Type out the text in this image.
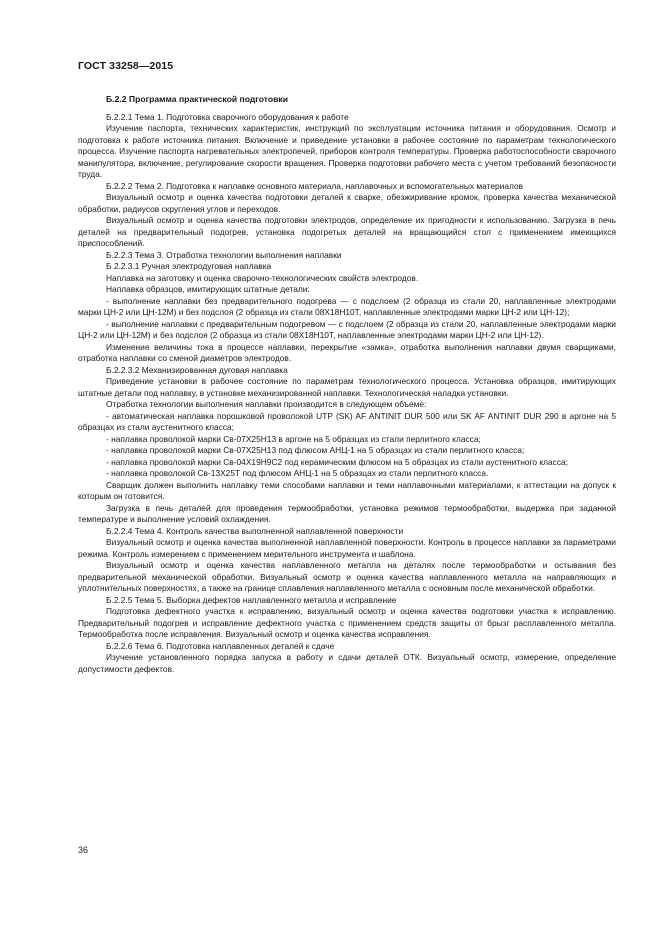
ГОСТ 33258—2015

Б.2.2 Программа практической подготовки

Б.2.2.1 Тема 1. Подготовка сварочного оборудования к работе

Изучение паспорта, технических характеристик, инструкций по эксплуатации источника питания и оборудования. Осмотр и подготовка к работе источника питания. Включение и приведение установки в рабочее состояние по параметрам технологического процесса. Изучение паспорта нагревательных электропечей, приборов контроля температуры. Проверка работоспособности сварочного манипулятора, включение, регулирование скорости вращения. Проверка подготовки рабочего места с учетом требований безопасности труда.

Б.2.2.2 Тема 2. Подготовка к наплавке основного материала, наплавочных и вспомогательных материалов

Визуальный осмотр и оценка качества подготовки деталей к сварке, обезжиривание кромок, проверка качества механической обработки, радиусов скругления углов и переходов.

Визуальный осмотр и оценка качества подготовки электродов, определение их пригодности к использованию. Загрузка в печь деталей на предварительный подогрев, установка подогретых деталей на вращающийся стол с применением имеющихся приспособлений.

Б.2.2.3 Тема 3. Отработка технологии выполнения наплавки

Б 2.2.3.1 Ручная электродуговая наплавка

Наплавка на заготовку и оценка сварочно-технологических свойств электродов.

Наплавка образцов, имитирующих штатные детали:

- выполнение наплавки без предварительного подогрева — с подслоем (2 образца из стали 20, наплавленные электродами марки ЦН-2 или ЦН-12М) и без подслоя (2 образца из стали 08Х18Н10Т, наплавленные электродами марки ЦН-2 или ЦН-12);

- выполнение наплавки с предварительным подогревом — с подслоем (2 образца из стали 20, наплавленные электродами марки ЦН-2 или ЦН-12М) и без подслоя (2 образца из стали 08Х18Н10Т, наплавленные электродами марки ЦН-2 или ЦН-12).

Изменение величины тока в процессе наплавки, перекрытие «замка», отработка выполнения наплавки двумя сварщиками, отработка наплавки со сменой диаметров электродов.

Б.2.2.3.2 Механизированная дуговая наплавка

Приведение установки в рабочее состояние по параметрам технологического процесса. Установка образцов, имитирующих штатные детали под наплавку, в установке механизированной наплавки. Технологическая наладка установки.

Отработка технологии выполнения наплавки производится в следующем объеме:

- автоматическая наплавка порошковой проволокой UTP (SK) AF ANTINIT DUR 500 или SK AF ANTINIT DUR 290 в аргоне на 5 образцах из стали аустенитного класса;

- наплавка проволокой марки Св-07Х25Н13 в аргоне на 5 образцах из стали перлитного класса;

- наплавка проволокой марки Св-07Х25Н13 под флюсом АНЦ-1 на 5 образцах из стали перлитного класса;

- наплавка проволокой марки Св-04Х19Н9С2 под керамическим флюсом на 5 образцах из стали аустенитного класса;

- наплавка проволокой Св-13Х25Т под флюсом АНЦ-1 на 5 образцах из стали перлитного класса.

Сварщик должен выполнить наплавку теми способами наплавки и теми наплавочными материалами, к аттестации на допуск к которым он готовится.

Загрузка в печь деталей для проведения термообработки, установка режимов термообработки, выдержка при заданной температуре и выполнение условий охлаждения.

Б.2.2.4 Тема 4. Контроль качества выполненной наплавленной поверхности

Визуальный осмотр и оценка качества выполненной наплавленной поверхности. Контроль в процессе наплавки за параметрами режима. Контроль измерением с применением мерительного инструмента и шаблона.

Визуальный осмотр и оценка качества наплавленного металла на деталях после термообработки и остывания без предварительной механической обработки. Визуальный осмотр и оценка качества наплавленного металла на направляющих и уплотнительных поверхностях, а также на границе сплавления наплавленного металла с основным после механической обработки.

Б.2.2.5 Тема 5. Выборка дефектов наплавленного металла и исправление

Подготовка дефектного участка к исправлению, визуальный осмотр и оценка качества подготовки участка к исправлению. Предварительный подогрев и исправление дефектного участка с применением средств защиты от брызг расплавленного металла. Термообработка после исправления. Визуальный осмотр и оценка качества исправления.

Б.2.2.6 Тема 6. Подготовка наплавленных деталей к сдаче

Изучение установленного порядка запуска в работу и сдачи деталей ОТК. Визуальный осмотр, измерение, определение допустимости дефектов.

36
